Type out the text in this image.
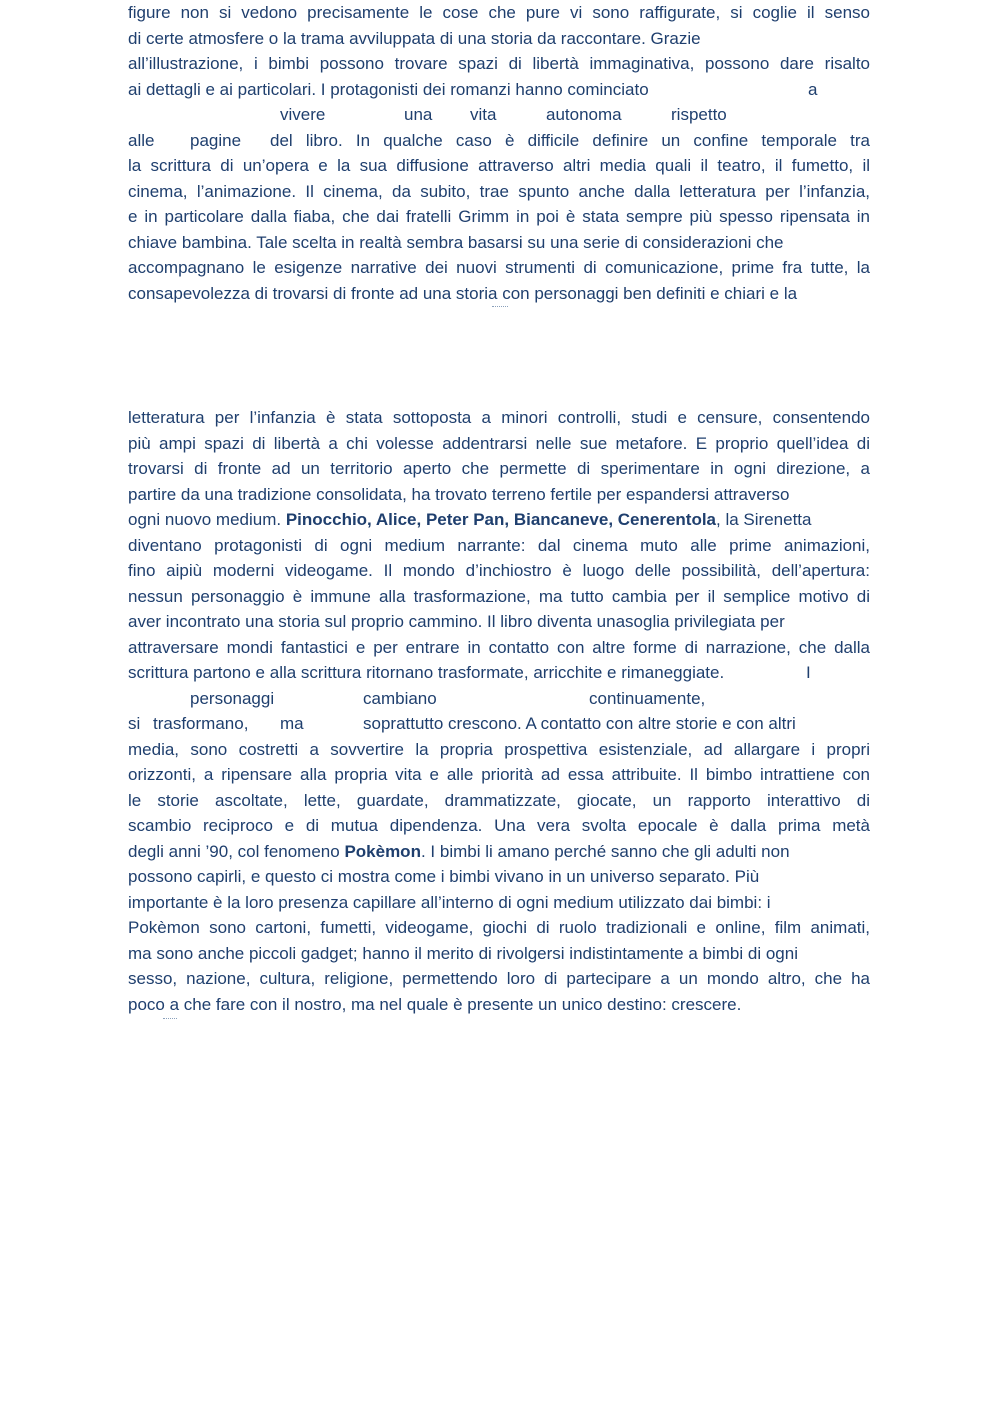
figure non si vedono precisamente le cose che pure vi sono raffigurate, si coglie il senso
di certe atmosfere o la trama avviluppata di una storia da raccontare. Grazie
all’illustrazione, i bimbi possono trovare spazi di libertà immaginativa, possono dare risalto
ai dettagli e ai particolari. I protagonisti dei romanzi hanno cominciato	a
vivere	una vita	autonoma	rispetto
alle pagine del libro. In qualche caso è difficile definire un confine temporale tra
la scrittura di un’opera e la sua diffusione attraverso altri media quali il teatro, il fumetto, il
cinema, l’animazione. Il cinema, da subito, trae spunto anche dalla letteratura per l’infanzia,
e in particolare dalla fiaba, che dai fratelli Grimm in poi è stata sempre più spesso ripensata in
chiave bambina. Tale scelta in realtà sembra basarsi su una serie di considerazioni che
accompagnano le esigenze narrative dei nuovi strumenti di comunicazione, prime fra tutte, la
consapevolezza di trovarsi di fronte ad una storia con personaggi ben definiti e chiari e la
letteratura per l’infanzia è stata sottoposta a minori controlli, studi e censure, consentendo
più ampi spazi di libertà a chi volesse addentrarsi nelle sue metafore. E proprio quell’idea di
trovarsi di fronte ad un territorio aperto che permette di sperimentare in ogni direzione, a
partire da una tradizione consolidata, ha trovato terreno fertile per espandersi attraverso
ogni nuovo medium. Pinocchio, Alice, Peter Pan, Biancaneve, Cenerentola, la Sirenetta
diventano protagonisti di ogni medium narrante: dal cinema muto alle prime animazioni,
fino aipiù moderni videogame. Il mondo d’inchiostro è luogo delle possibilità, dell’apertura:
nessun personaggio è immune alla trasformazione, ma tutto cambia per il semplice motivo di
aver incontrato una storia sul proprio cammino. Il libro diventa unasoglia privilegiata per
attraversare mondi fantastici e per entrare in contatto con altre forme di narrazione, che dalla
scrittura partono e alla scrittura ritornano trasformate, arricchite e rimaneggiate.	I
personaggi	cambiano	continuamente,
si trasformano, ma	soprattutto crescono. A contatto con altre storie e con altri
media, sono costretti a sovvertire la propria prospettiva esistenziale, ad allargare i propri
orizzonti, a ripensare alla propria vita e alle priorità ad essa attribuite. Il bimbo intrattiene con
le storie ascoltate, lette, guardate, drammatizzate, giocate, un rapporto interattivo di
scambio reciproco e di mutua dipendenza. Una vera svolta epocale è dalla prima metà
degli anni ’90, col fenomeno Pokèmon. I bimbi li amano perché sanno che gli adulti non
possono capirli, e questo ci mostra come i bimbi vivano in un universo separato. Più
importante è la loro presenza capillare all’interno di ogni medium utilizzato dai bimbi: i
Pokèmon sono cartoni, fumetti, videogame, giochi di ruolo tradizionali e online, film animati,
ma sono anche piccoli gadget; hanno il merito di rivolgersi indistintamente a bimbi di ogni
sesso, nazione, cultura, religione, permettendo loro di partecipare a un mondo altro, che ha
poco a che fare con il nostro, ma nel quale è presente un unico destino: crescere.
